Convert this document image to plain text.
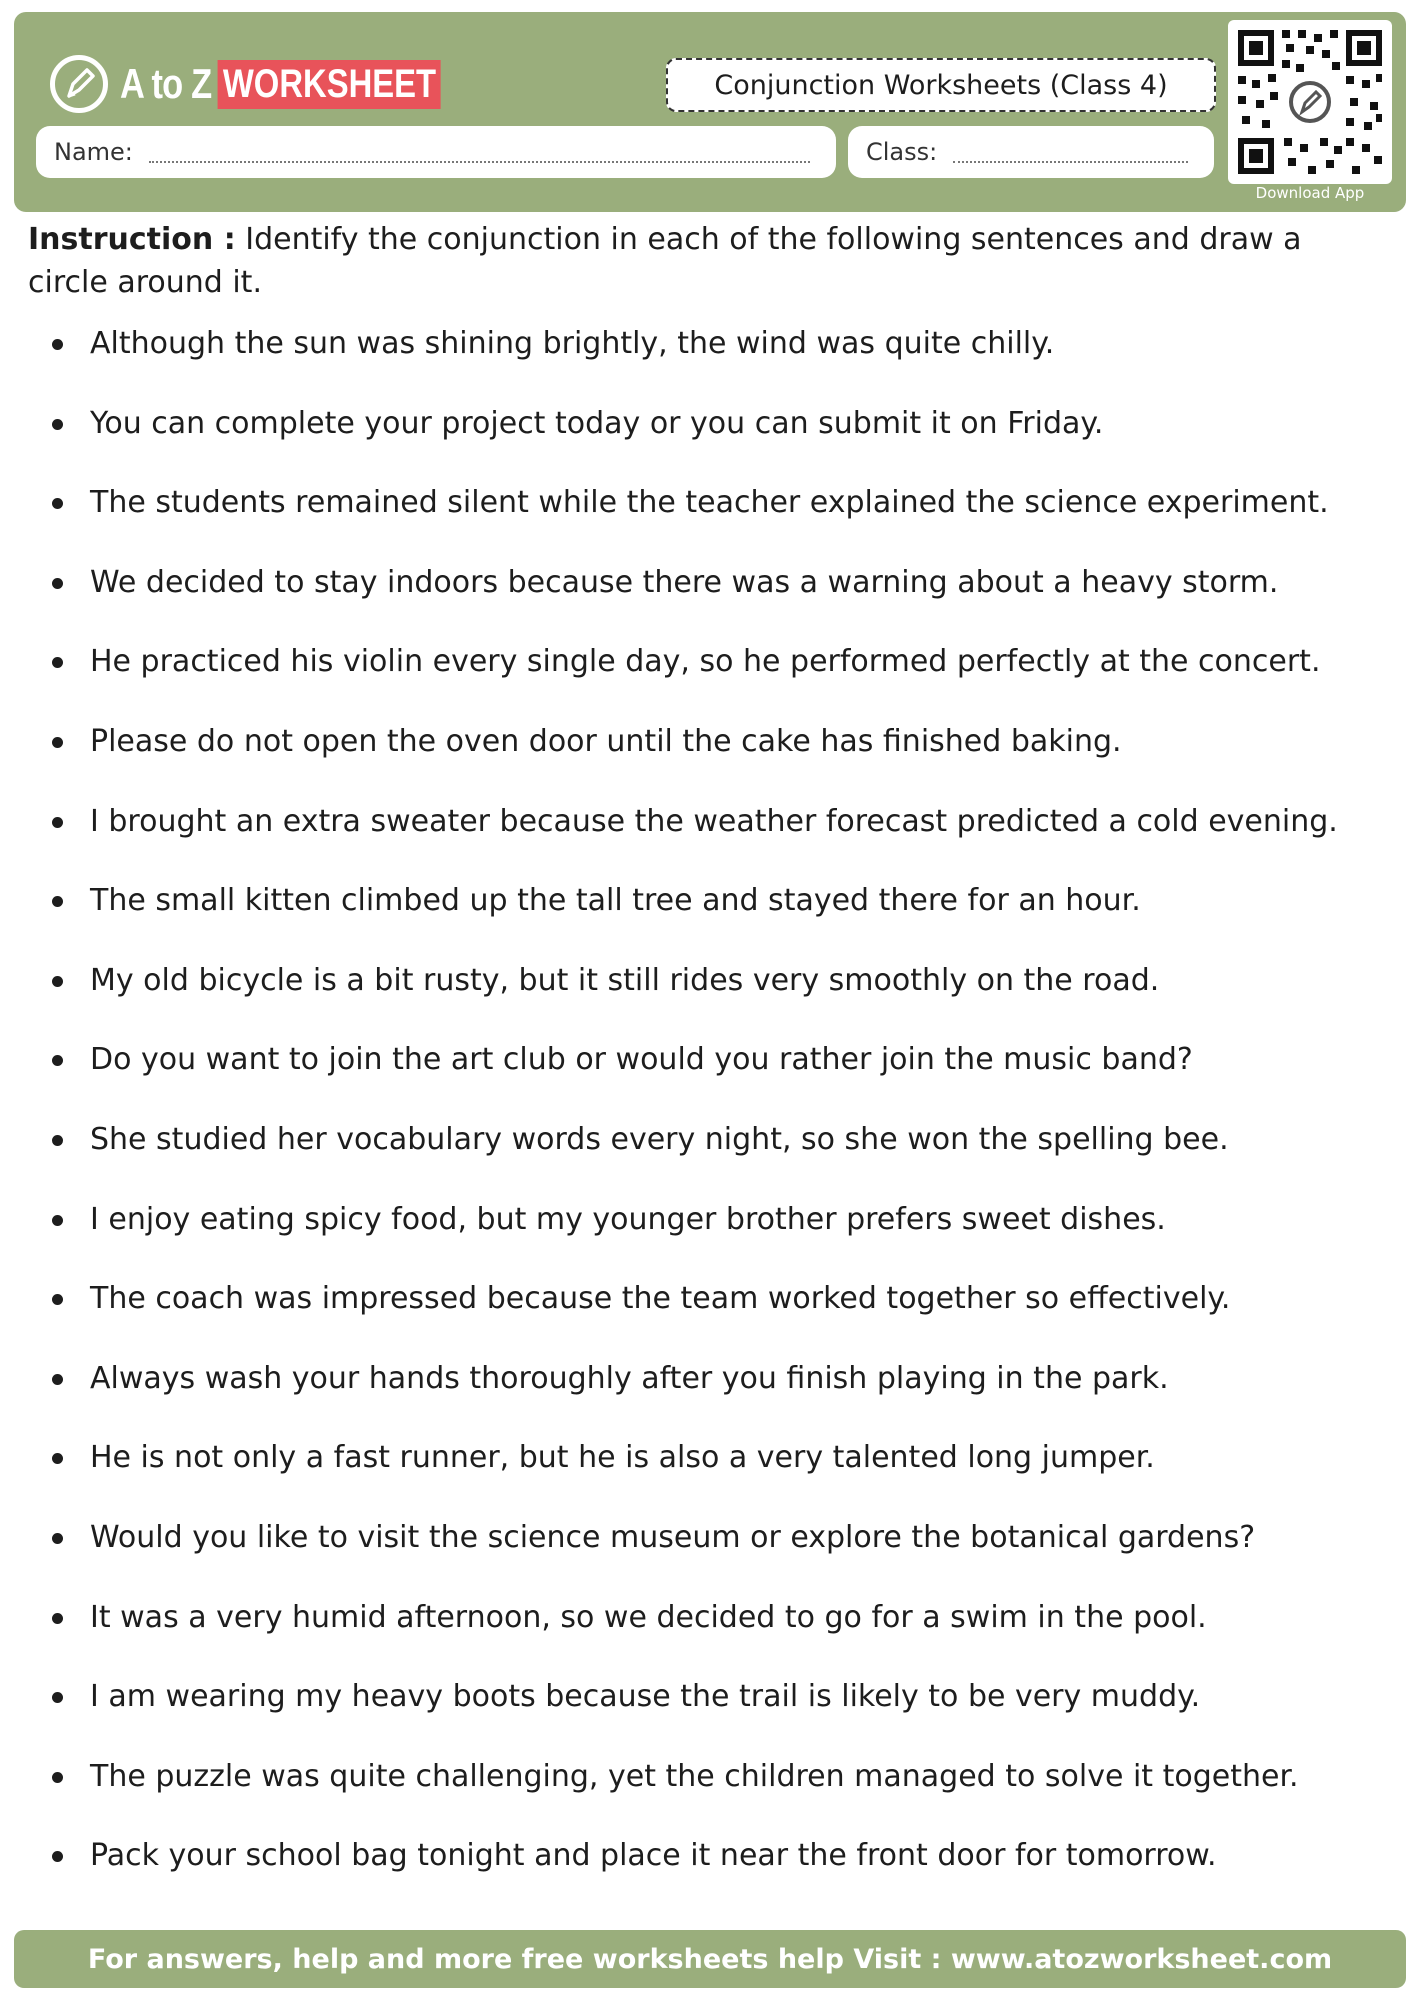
A to Z WORKSHEET	Conjunction Worksheets (Class 4)
Name:	Class:
Download App
Instruction : Identify the conjunction in each of the following sentences and draw a circle around it.
Although the sun was shining brightly, the wind was quite chilly.
You can complete your project today or you can submit it on Friday.
The students remained silent while the teacher explained the science experiment.
We decided to stay indoors because there was a warning about a heavy storm.
He practiced his violin every single day, so he performed perfectly at the concert.
Please do not open the oven door until the cake has finished baking.
I brought an extra sweater because the weather forecast predicted a cold evening.
The small kitten climbed up the tall tree and stayed there for an hour.
My old bicycle is a bit rusty, but it still rides very smoothly on the road.
Do you want to join the art club or would you rather join the music band?
She studied her vocabulary words every night, so she won the spelling bee.
I enjoy eating spicy food, but my younger brother prefers sweet dishes.
The coach was impressed because the team worked together so effectively.
Always wash your hands thoroughly after you finish playing in the park.
He is not only a fast runner, but he is also a very talented long jumper.
Would you like to visit the science museum or explore the botanical gardens?
It was a very humid afternoon, so we decided to go for a swim in the pool.
I am wearing my heavy boots because the trail is likely to be very muddy.
The puzzle was quite challenging, yet the children managed to solve it together.
Pack your school bag tonight and place it near the front door for tomorrow.
For answers, help and more free worksheets help Visit : www.atozworksheet.com
